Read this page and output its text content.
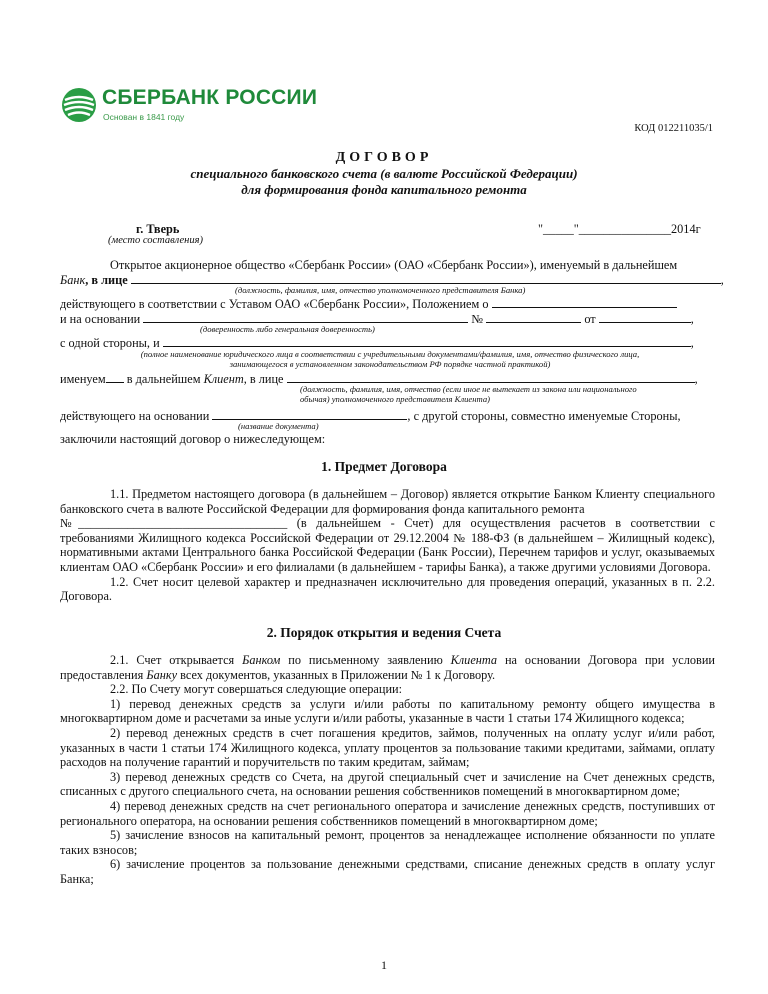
СБЕРБАНК РОССИИ
Основан в 1841 году
КОД 012211035/1
ДОГОВОР
специального банковского счета (в валюте Российской Федерации)
для формирования фонда капитального ремонта
г. Тверь
(место составления)
"_____"_______________2014г
Открытое акционерное общество «Сбербанк России» (ОАО «Сбербанк России»), именуемый в дальнейшем
Банк, в лице	,
(должность, фамилия, имя, отчество уполномоченного представителя Банка)
действующего в соответствии с Уставом ОАО «Сбербанк России», Положением о
и на основании	№	от	,
(доверенность либо генеральная доверенность)
с одной стороны, и	,
(полное наименование юридического лица в соответствии с учредительными документами/фамилия, имя, отчество физического лица,
занимающегося в установленном законодательством РФ порядке частной практикой)
именуем в дальнейшем Клиент, в лице	,
(должность, фамилия, имя, отчество (если иное не вытекает из закона или национального
обычая) уполномоченного представителя Клиента)
действующего на основании	, с другой стороны, совместно именуемые Стороны,
(название документа)
заключили настоящий договор о нижеследующем:
1. Предмет Договора

1.1. Предметом настоящего договора (в дальнейшем – Договор) является открытие Банком Клиенту специального банковского счета в валюте Российской Федерации для формирования фонда капитального ремонта

№__________________________________ (в дальнейшем - Счет) для осуществления расчетов в соответствии с требованиями Жилищного кодекса Российской Федерации от 29.12.2004 № 188-ФЗ (в дальнейшем – Жилищный кодекс), нормативными актами Центрального банка Российской Федерации (Банк России), Перечнем тарифов и услуг, оказываемых клиентам ОАО «Сбербанк России» и его филиалами (в дальнейшем - тарифы Банка), а также другими условиями Договора.

1.2. Счет носит целевой характер и предназначен исключительно для проведения операций, указанных в п. 2.2. Договора.

2. Порядок открытия и ведения Счета

2.1. Счет открывается Банком по письменному заявлению Клиента на основании Договора при условии предоставления Банку всех документов, указанных в Приложении № 1 к Договору.

2.2. По Счету могут совершаться следующие операции:

1) перевод денежных средств за услуги и/или работы по капитальному ремонту общего имущества в многоквартирном доме и расчетами за иные услуги и/или работы, указанные в части 1 статьи 174 Жилищного кодекса;

2) перевод денежных средств в счет погашения кредитов, займов, полученных на оплату услуг и/или работ, указанных в части 1 статьи 174 Жилищного кодекса, уплату процентов за пользование такими кредитами, займами, оплату расходов на получение гарантий и поручительств по таким кредитам, займам;

3) перевод денежных средств со Счета, на другой специальный счет и зачисление на Счет денежных средств, списанных с другого специального счета, на основании решения собственников помещений в многоквартирном доме;

4) перевод денежных средств на счет регионального оператора и зачисление денежных средств, поступивших от регионального оператора, на основании решения собственников помещений в многоквартирном доме;

5) зачисление взносов на капитальный ремонт, процентов за ненадлежащее исполнение обязанности по уплате таких взносов;

6) зачисление процентов за пользование денежными средствами, списание денежных средств в оплату услуг Банка;

1
